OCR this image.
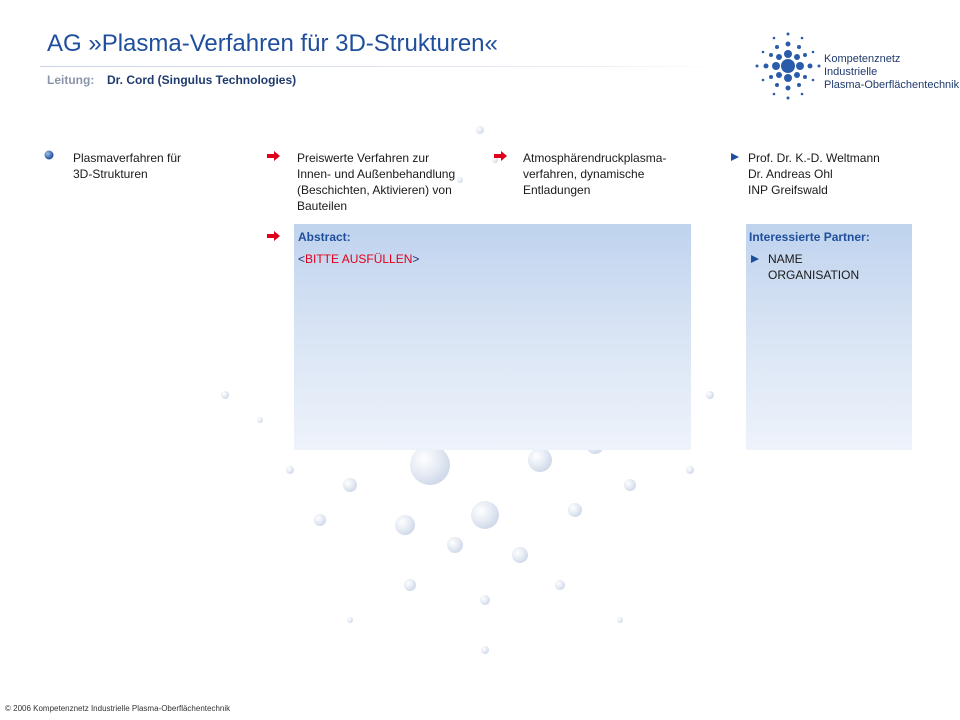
AG »Plasma-Verfahren für 3D-Strukturen«
Leitung: Dr. Cord (Singulus Technologies)
Kompetenznetz
Industrielle
Plasma-Oberflächentechnik
Plasmaverfahren für
3D-Strukturen
Preiswerte Verfahren zur
Innen- und Außenbehandlung
(Beschichten, Aktivieren) von
Bauteilen
Atmosphärendruckplasma-
verfahren, dynamische
Entladungen
Prof. Dr. K.-D. Weltmann
Dr. Andreas Ohl
INP Greifswald
Abstract:
<BITTE AUSFÜLLEN>
Interessierte Partner:
NAME
ORGANISATION
© 2006 Kompetenznetz Industrielle Plasma-Oberflächentechnik
